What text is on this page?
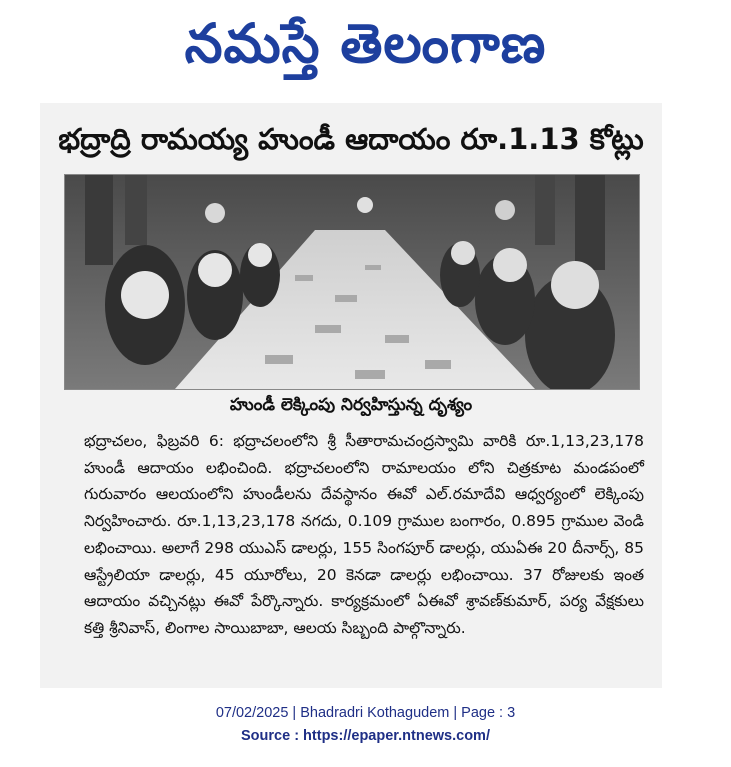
నమస్తే తెలంగాణ
భద్రాద్రి రామయ్య హుండీ ఆదాయం రూ.1.13 కోట్లు
హుండీ లెక్కింపు నిర్వహిస్తున్న దృశ్యం

భద్రాచలం, ఫిబ్రవరి 6: భద్రాచలంలోని శ్రీ సీతారామచంద్రస్వామి వారికి రూ.1,13,23,178 హుండీ ఆదాయం లభించింది. భద్రాచలంలోని రామాలయం లోని చిత్రకూట మండపంలో గురువారం ఆలయంలోని హుండీలను దేవస్థానం ఈవో ఎల్.రమాదేవి ఆధ్వర్యంలో లెక్కింపు నిర్వహించారు. రూ.1,13,23,178 నగదు, 0.109 గ్రాముల బంగారం, 0.895 గ్రాముల వెండి లభించాయి. అలాగే 298 యుఎస్ డాలర్లు, 155 సింగపూర్ డాలర్లు, యుఏఈ 20 దీనార్స్, 85 ఆస్ట్రేలియా డాలర్లు, 45 యూరోలు, 20 కెనడా డాలర్లు లభించాయి. 37 రోజులకు ఇంత ఆదాయం వచ్చినట్లు ఈవో పేర్కొన్నారు. కార్యక్రమంలో ఏఈవో శ్రావణ్‌కుమార్, పర్య వేక్షకులు కత్తి శ్రీనివాస్, లింగాల సాయిబాబా, ఆలయ సిబ్బంది పాల్గొన్నారు.

07/02/2025 | Bhadradri Kothagudem | Page : 3
Source : https://epaper.ntnews.com/
